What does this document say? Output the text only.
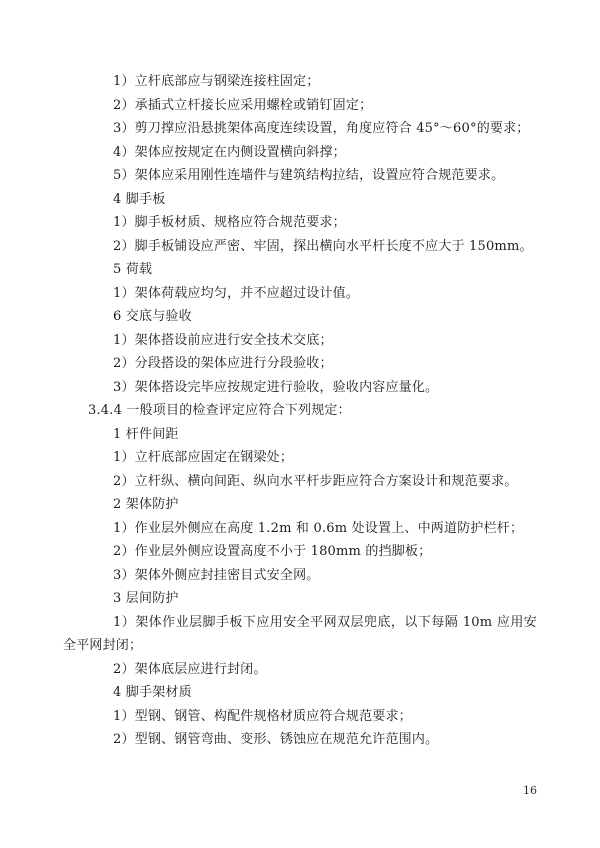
1）立杆底部应与钢梁连接柱固定；

2）承插式立杆接长应采用螺栓或销钉固定；

3）剪刀撑应沿悬挑架体高度连续设置，角度应符合 45°～60°的要求；

4）架体应按规定在内侧设置横向斜撑；

5）架体应采用刚性连墙件与建筑结构拉结，设置应符合规范要求。

4 脚手板

1）脚手板材质、规格应符合规范要求；

2）脚手板铺设应严密、牢固，探出横向水平杆长度不应大于 150mm。

5 荷载

1）架体荷载应均匀，并不应超过设计值。

6 交底与验收

1）架体搭设前应进行安全技术交底；

2）分段搭设的架体应进行分段验收；

3）架体搭设完毕应按规定进行验收，验收内容应量化。

3.4.4 一般项目的检查评定应符合下列规定：

1 杆件间距

1）立杆底部应固定在钢梁处；

2）立杆纵、横向间距、纵向水平杆步距应符合方案设计和规范要求。

2 架体防护

1）作业层外侧应在高度 1.2m 和 0.6m 处设置上、中两道防护栏杆；

2）作业层外侧应设置高度不小于 180mm 的挡脚板；

3）架体外侧应封挂密目式安全网。

3 层间防护

1）架体作业层脚手板下应用安全平网双层兜底，以下每隔 10m 应用安全平网封闭；

2）架体底层应进行封闭。

4 脚手架材质

1）型钢、钢管、构配件规格材质应符合规范要求；

2）型钢、钢管弯曲、变形、锈蚀应在规范允许范围内。

16
